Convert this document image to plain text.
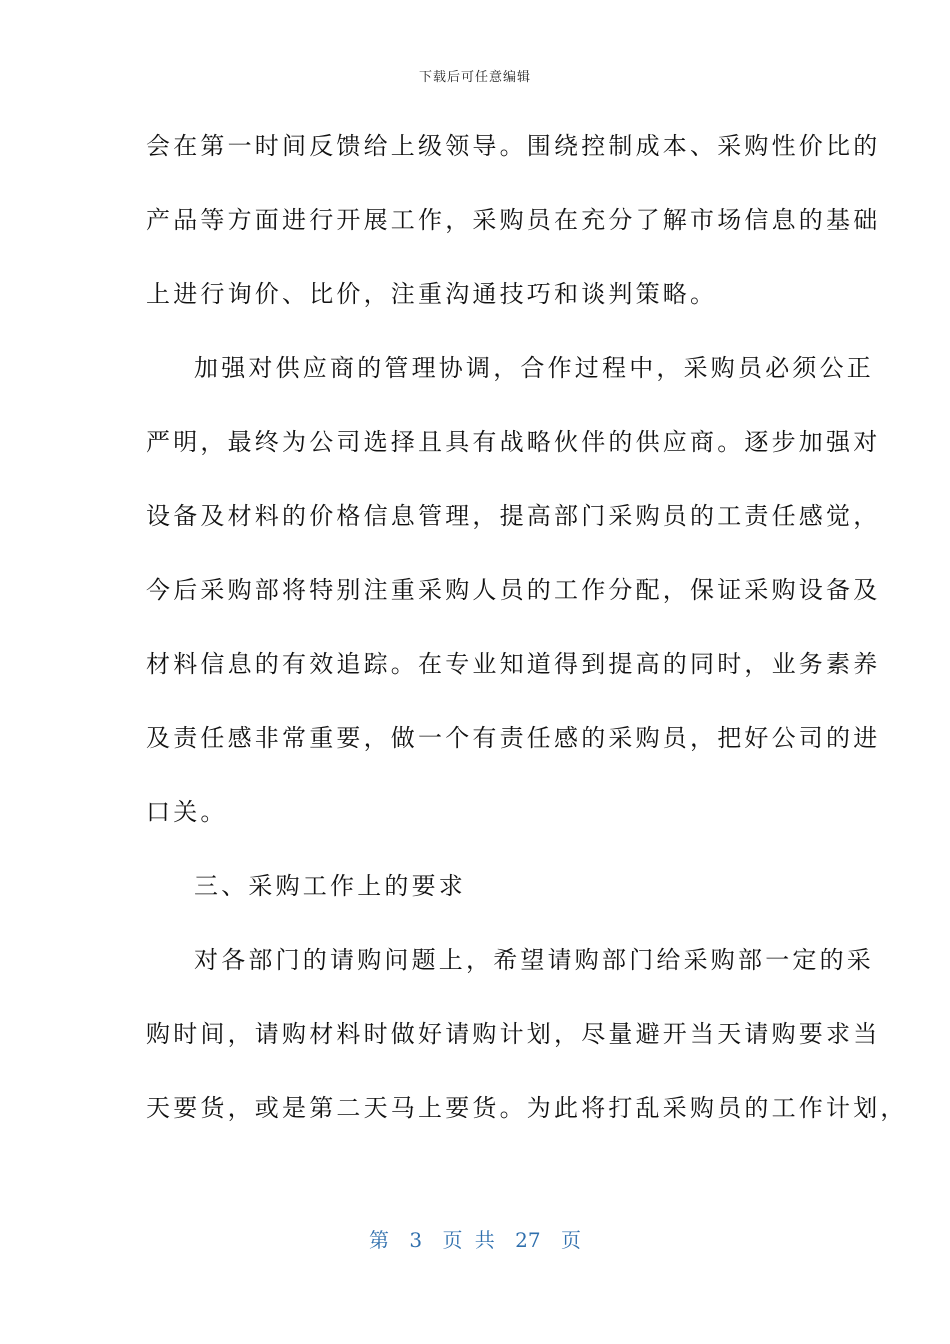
下载后可任意编辑
会在第一时间反馈给上级领导。围绕控制成本、采购性价比的
产品等方面进行开展工作，采购员在充分了解市场信息的基础
上进行询价、比价，注重沟通技巧和谈判策略。
加强对供应商的管理协调，合作过程中，采购员必须公正
严明，最终为公司选择且具有战略伙伴的供应商。逐步加强对
设备及材料的价格信息管理，提高部门采购员的工责任感觉，
今后采购部将特别注重采购人员的工作分配，保证采购设备及
材料信息的有效追踪。在专业知道得到提高的同时，业务素养
及责任感非常重要，做一个有责任感的采购员，把好公司的进
口关。
三、采购工作上的要求
对各部门的请购问题上，希望请购部门给采购部一定的采
购时间，请购材料时做好请购计划，尽量避开当天请购要求当
天要货，或是第二天马上要货。为此将打乱采购员的工作计划，
第 3 页 共 27 页
